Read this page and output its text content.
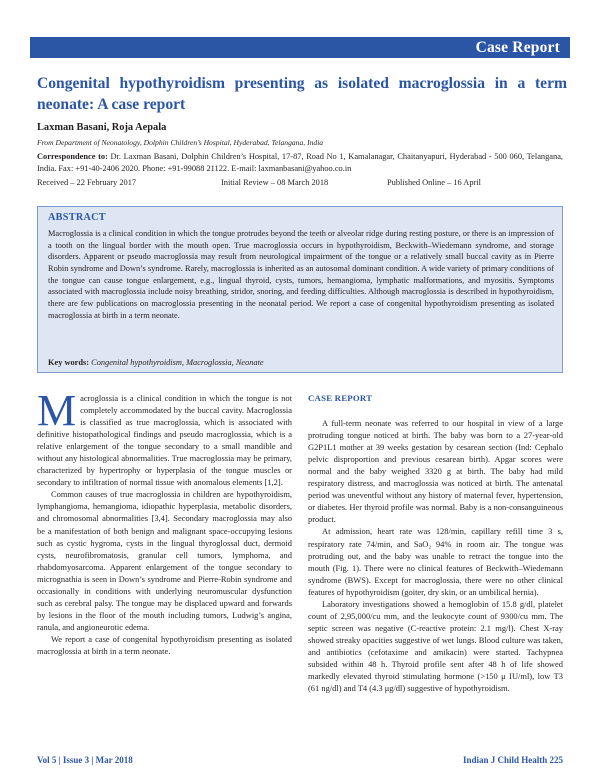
Case Report
Congenital hypothyroidism presenting as isolated macroglossia in a term neonate: A case report
Laxman Basani, Roja Aepala
From Department of Neonatology, Dolphin Children’s Hospital, Hyderabad, Telangana, India
Correspondence to: Dr. Laxman Basani, Dolphin Children’s Hospital, 17-87, Road No 1, Kamalanagar, Chaitanyapuri, Hyderabad - 500 060, Telangana, India. Fax: +91-40-2406 2020. Phone: +91-99088 21122. E-mail: laxmanbasani@yahoo.co.in
Received – 22 February 2017	Initial Review – 08 March 2018	Published Online – 16 April
ABSTRACT
Macroglossia is a clinical condition in which the tongue protrudes beyond the teeth or alveolar ridge during resting posture, or there is an impression of a tooth on the lingual border with the mouth open. True macroglossia occurs in hypothyroidism, Beckwith–Wiedemann syndrome, and storage disorders. Apparent or pseudo macroglossia may result from neurological impairment of the tongue or a relatively small buccal cavity as in Pierre Robin syndrome and Down’s syndrome. Rarely, macroglossia is inherited as an autosomal dominant condition. A wide variety of primary conditions of the tongue can cause tongue enlargement, e.g., lingual thyroid, cysts, tumors, hemangioma, lymphatic malformations, and myositis. Symptoms associated with macroglossia include noisy breathing, stridor, snoring, and feeding difficulties. Although macroglossia is described in hypothyroidism, there are few publications on macroglossia presenting in the neonatal period. We report a case of congenital hypothyroidism presenting as isolated macroglossia at birth in a term neonate.
Key words: Congenital hypothyroidism, Macroglossia, Neonate

Macroglossia is a clinical condition in which the tongue is not completely accommodated by the buccal cavity. Macroglossia is classified as true macroglossia, which is associated with definitive histopathological findings and pseudo macroglossia, which is a relative enlargement of the tongue secondary to a small mandible and without any histological abnormalities. True macroglossia may be primary, characterized by hypertrophy or hyperplasia of the tongue muscles or secondary to infiltration of normal tissue with anomalous elements [1,2].

Common causes of true macroglossia in children are hypothyroidism, lymphangioma, hemangioma, idiopathic hyperplasia, metabolic disorders, and chromosomal abnormalities [3,4]. Secondary macroglossia may also be a manifestation of both benign and malignant space-occupying lesions such as cystic hygroma, cysts in the lingual thyroglossal duct, dermoid cysts, neurofibromatosis, granular cell tumors, lymphoma, and rhabdomyosarcoma. Apparent enlargement of the tongue secondary to micrognathia is seen in Down’s syndrome and Pierre-Robin syndrome and occasionally in conditions with underlying neuromuscular dysfunction such as cerebral palsy. The tongue may be displaced upward and forwards by lesions in the floor of the mouth including tumors, Ludwig’s angina, ranula, and angioneurotic edema.

We report a case of congenital hypothyroidism presenting as isolated macroglossia at birth in a term neonate.

CASE REPORT

A full-term neonate was referred to our hospital in view of a large protruding tongue noticed at birth. The baby was born to a 27-year-old G2P1L1 mother at 39 weeks gestation by cesarean section (Ind: Cephalo pelvic disproportion and previous cesarean birth). Apgar scores were normal and the baby weighed 3320 g at birth. The baby had mild respiratory distress, and macroglossia was noticed at birth. The antenatal period was uneventful without any history of maternal fever, hypertension, or diabetes. Her thyroid profile was normal. Baby is a non-consanguineous product.

At admission, heart rate was 128/min, capillary refill time 3 s, respiratory rate 74/min, and SaO₂ 94% in room air. The tongue was protruding out, and the baby was unable to retract the tongue into the mouth (Fig. 1). There were no clinical features of Beckwith–Wiedemann syndrome (BWS). Except for macroglossia, there were no other clinical features of hypothyroidism (goiter, dry skin, or an umbilical hernia).

Laboratory investigations showed a hemoglobin of 15.8 g/dl, platelet count of 2,95,000/cu mm, and the leukocyte count of 9300/cu mm. The septic screen was negative (C-reactive protein: 2.1 mg/l). Chest X-ray showed streaky opacities suggestive of wet lungs. Blood culture was taken, and antibiotics (cefotaxime and amikacin) were started. Tachypnea subsided within 48 h. Thyroid profile sent after 48 h of life showed markedly elevated thyroid stimulating hormone (>150 μ IU/ml), low T3 (61 ng/dl) and T4 (4.3 μg/dl) suggestive of hypothyroidism.

Vol 5 | Issue 3 | Mar 2018	Indian J Child Health 225
